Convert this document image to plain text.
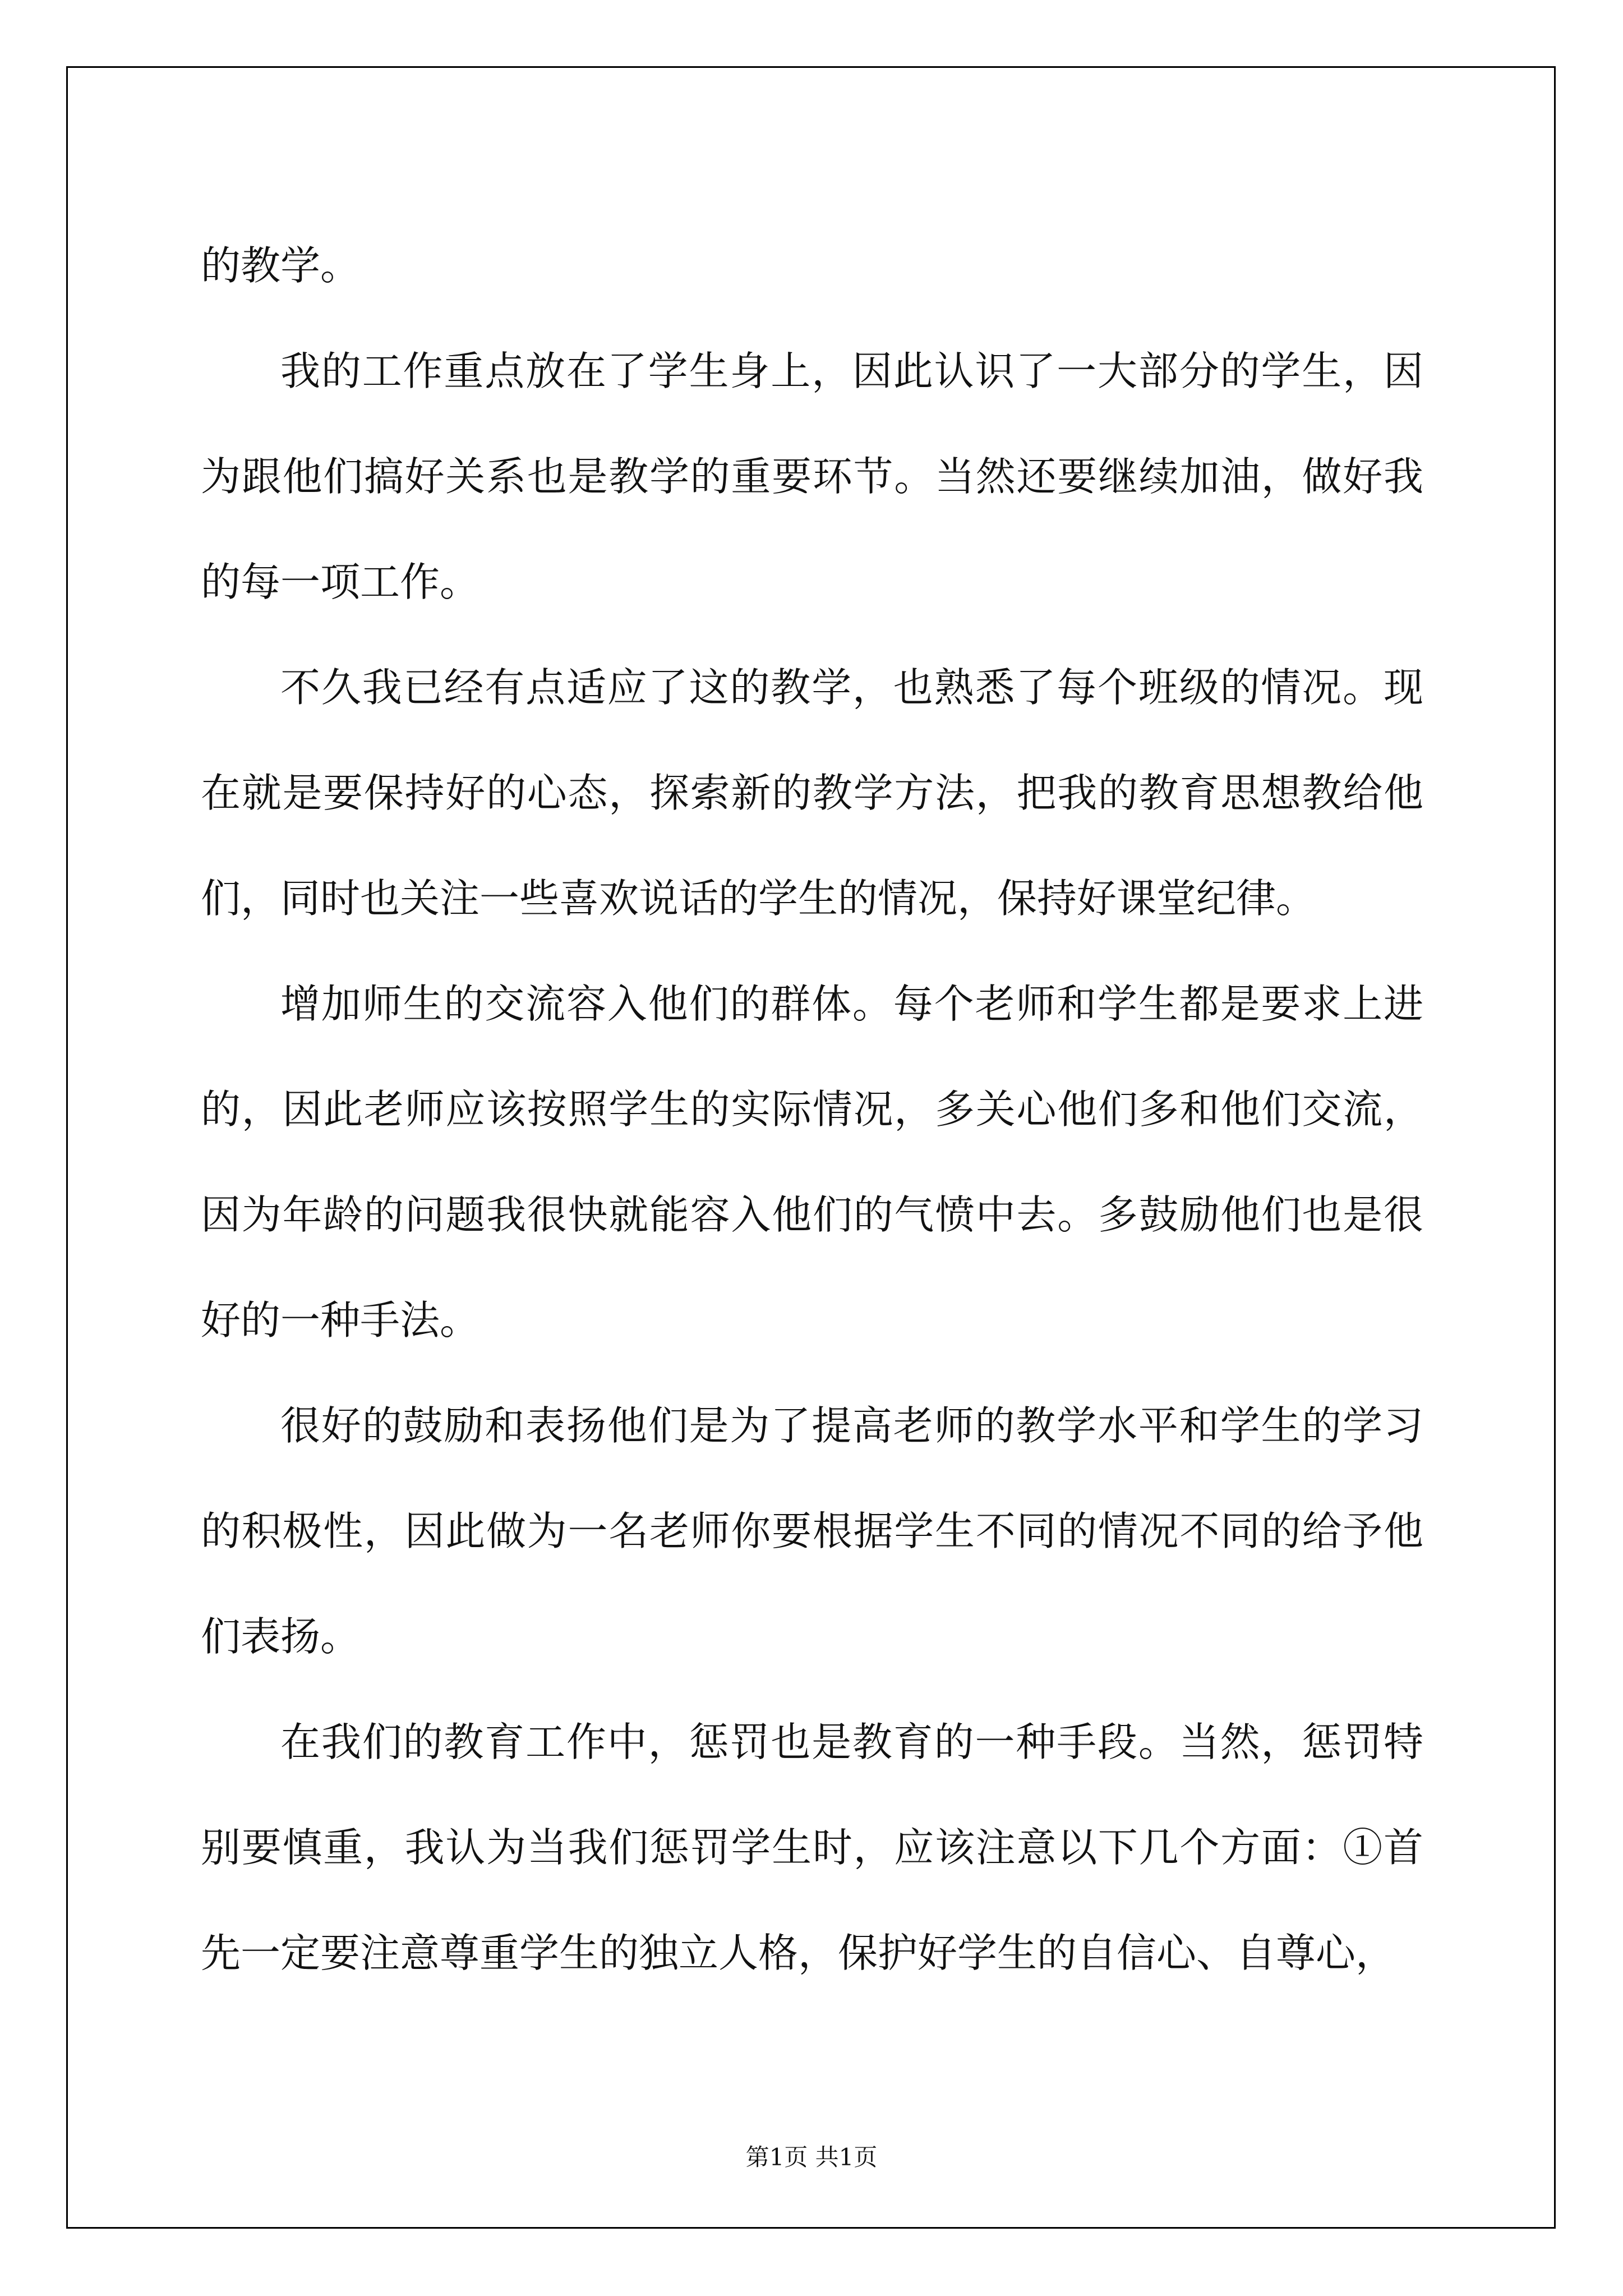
的教学。

我的工作重点放在了学生身上，因此认识了一大部分的学生，因为跟他们搞好关系也是教学的重要环节。当然还要继续加油，做好我的每一项工作。

不久我已经有点适应了这的教学，也熟悉了每个班级的情况。现在就是要保持好的心态，探索新的教学方法，把我的教育思想教给他们，同时也关注一些喜欢说话的学生的情况，保持好课堂纪律。

增加师生的交流容入他们的群体。每个老师和学生都是要求上进的，因此老师应该按照学生的实际情况，多关心他们多和他们交流，因为年龄的问题我很快就能容入他们的气愤中去。多鼓励他们也是很好的一种手法。

很好的鼓励和表扬他们是为了提高老师的教学水平和学生的学习的积极性，因此做为一名老师你要根据学生不同的情况不同的给予他们表扬。

在我们的教育工作中，惩罚也是教育的一种手段。当然，惩罚特别要慎重，我认为当我们惩罚学生时，应该注意以下几个方面：①首先一定要注意尊重学生的独立人格，保护好学生的自信心、自尊心，

第1页 共1页
